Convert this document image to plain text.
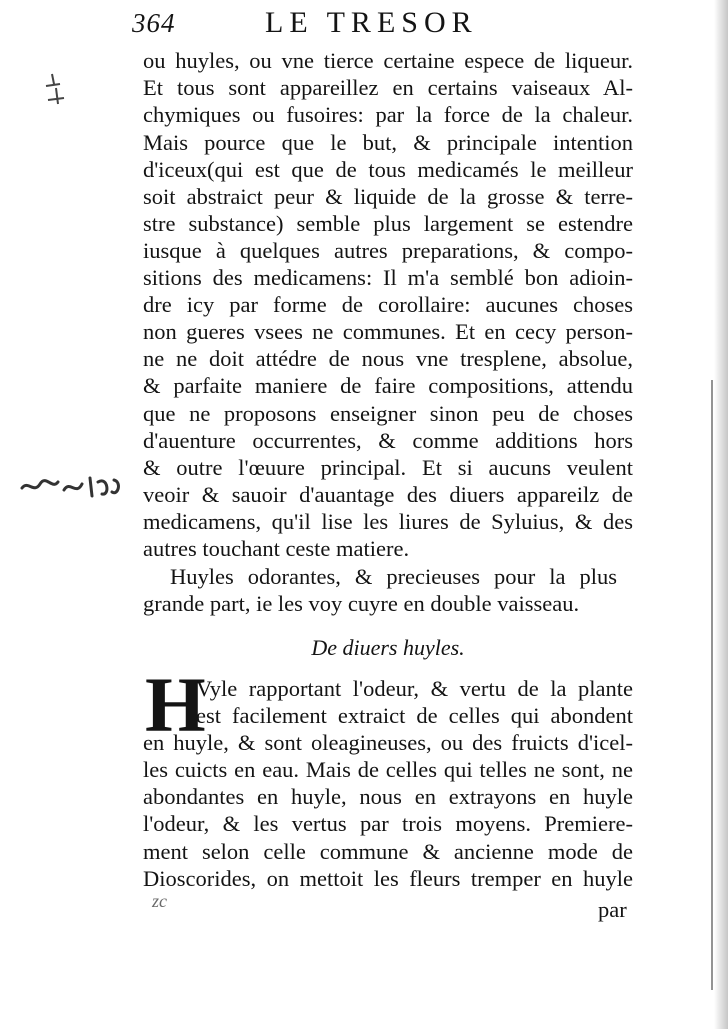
364	LE TRESOR
ou huyles, ou vne tierce certaine espece de liqueur.
Et tous sont appareillez en certains vaiseaux Al-
chymiques ou fusoires: par la force de la chaleur.
Mais pource que le but, & principale intention
d'iceux(qui est que de tous medicamés le meilleur
soit abstraict peur & liquide de la grosse & terre-
stre substance) semble plus largement se estendre
iusque à quelques autres preparations, & compo-
sitions des medicamens: Il m'a semblé bon adioin-
dre icy par forme de corollaire: aucunes choses
non gueres vsees ne communes. Et en cecy person-
ne ne doit attédre de nous vne tresplene, absolue,
& parfaite maniere de faire compositions, attendu
que ne proposons enseigner sinon peu de choses
d'auenture occurrentes, & comme additions hors
& outre l'œuure principal. Et si aucuns veulent
veoir & sauoir d'auantage des diuers appareilz de
medicamens, qu'il lise les liures de Syluius, & des
autres touchant ceste matiere.
Huyles odorantes, & precieuses pour la plus
grande part, ie les voy cuyre en double vaisseau.
De diuers huyles.
H
Vyle rapportant l'odeur, & vertu de la plante
est facilement extraict de celles qui abondent
en huyle, & sont oleagineuses, ou des fruicts d'icel-
les cuicts en eau. Mais de celles qui telles ne sont, ne
abondantes en huyle, nous en extrayons en huyle
l'odeur, & les vertus par trois moyens. Premiere-
ment selon celle commune & ancienne mode de
Dioscorides, on mettoit les fleurs tremper en huyle
zc	par
